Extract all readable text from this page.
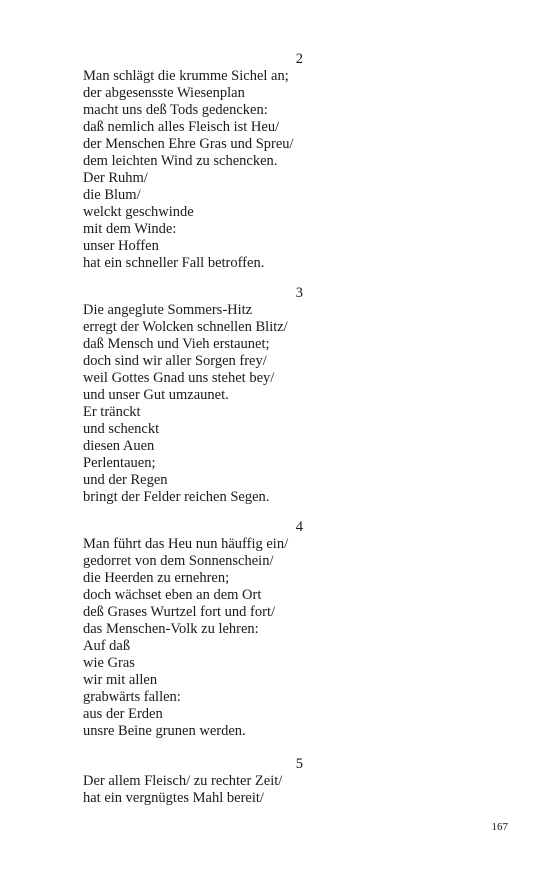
2
Man schlägt die krumme Sichel an;
der abgesensste Wiesenplan
macht uns deß Tods gedencken:
daß nemlich alles Fleisch ist Heu/
der Menschen Ehre Gras und Spreu/
dem leichten Wind zu schencken.
Der Ruhm/
die Blum/
welckt geschwinde
mit dem Winde:
unser Hoffen
hat ein schneller Fall betroffen.
3
Die angeglute Sommers-Hitz
erregt der Wolcken schnellen Blitz/
daß Mensch und Vieh erstaunet;
doch sind wir aller Sorgen frey/
weil Gottes Gnad uns stehet bey/
und unser Gut umzaunet.
Er tränckt
und schenckt
diesen Auen
Perlentauen;
und der Regen
bringt der Felder reichen Segen.
4
Man führt das Heu nun häuffig ein/
gedorret von dem Sonnenschein/
die Heerden zu ernehren;
doch wächset eben an dem Ort
deß Grases Wurtzel fort und fort/
das Menschen-Volk zu lehren:
Auf daß
wie Gras
wir mit allen
grabwärts fallen:
aus der Erden
unsre Beine grunen werden.
5
Der allem Fleisch/ zu rechter Zeit/
hat ein vergnügtes Mahl bereit/
167
